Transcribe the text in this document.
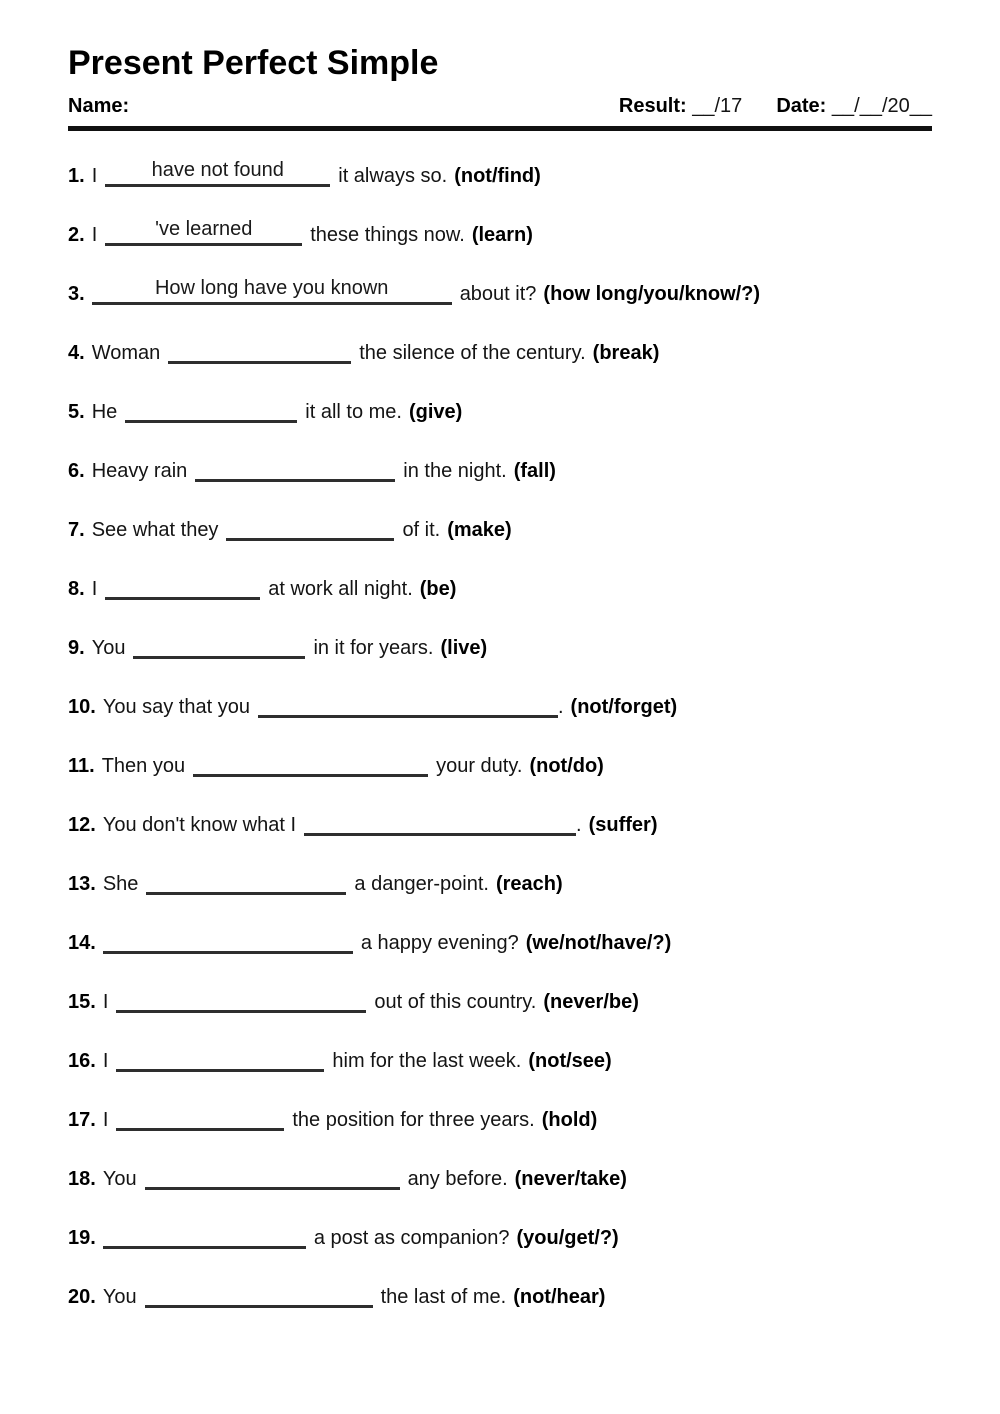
Present Perfect Simple
Name:	Result: __/17 Date: __/__/20__
1. I	have not found	it always so. (not/find)
2. I	've learned	these things now. (learn)
3.	How long have you known	about it? (how long/you/know/?)
4. Woman	the silence of the century. (break)
5. He	it all to me. (give)
6. Heavy rain	in the night. (fall)
7. See what they	of it. (make)
8. I	at work all night. (be)
9. You	in it for years. (live)
10. You say that you	. (not/forget)
11. Then you	your duty. (not/do)
12. You don't know what I	. (suffer)
13. She	a danger-point. (reach)
14.	a happy evening? (we/not/have/?)
15. I	out of this country. (never/be)
16. I	him for the last week. (not/see)
17. I	the position for three years. (hold)
18. You	any before. (never/take)
19.	a post as companion? (you/get/?)
20. You	the last of me. (not/hear)
